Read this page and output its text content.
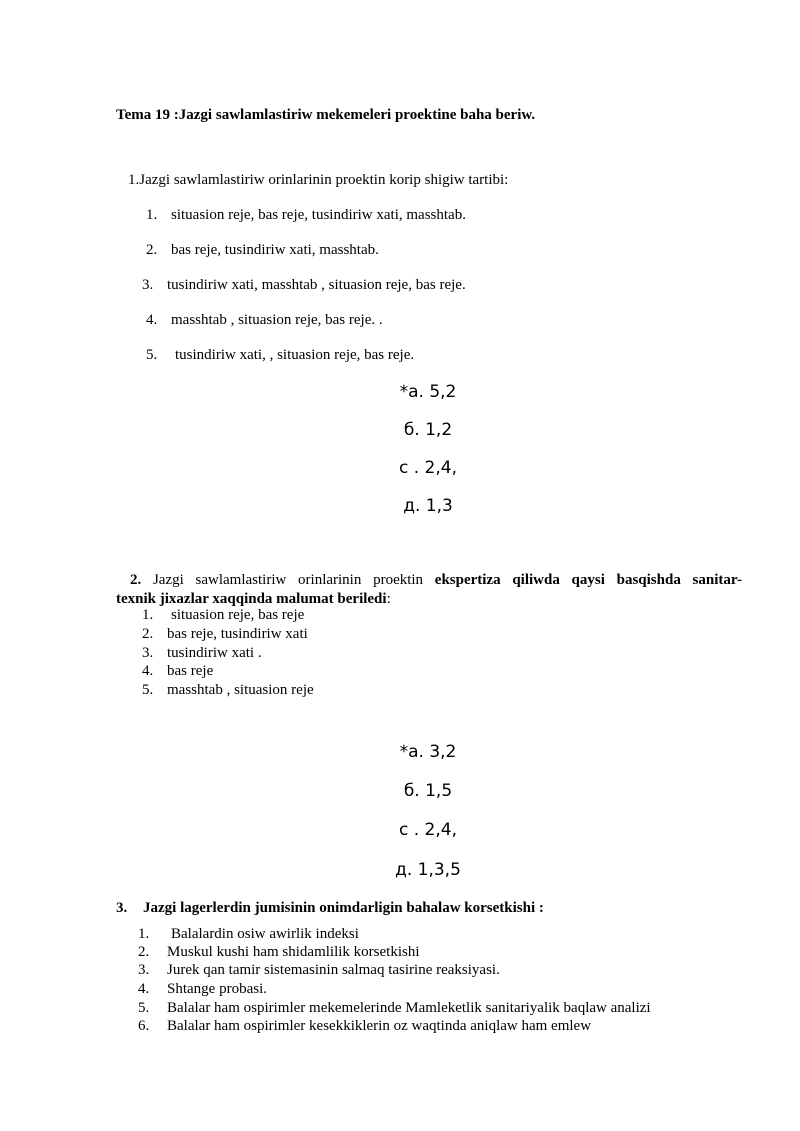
Tema 19 :Jazgi sawlamlastiriw mekemeleri proektine baha beriw.
1.Jazgi sawlamlastiriw orinlarinin proektin korip shigiw tartibi:
1. situasion reje, bas reje, tusindiriw xati, masshtab.
2. bas reje, tusindiriw xati, masshtab.
3. tusindiriw xati, masshtab , situasion reje, bas reje.
4. masshtab , situasion reje, bas reje. .
5. tusindiriw xati, , situasion reje, bas reje.
*а. 5,2
б. 1,2
с . 2,4,
д. 1,3
2. Jazgi sawlamlastiriw orinlarinin proektin ekspertiza qiliwda qaysi basqishda sanitar-
texnik jixazlar xaqqinda malumat beriledi:
1. situasion reje, bas reje
2. bas reje, tusindiriw xati
3. tusindiriw xati .
4. bas reje
5. masshtab , situasion reje
*а. 3,2
б. 1,5
с . 2,4,
д. 1,3,5
3. Jazgi lagerlerdin jumisinin onimdarligin bahalaw korsetkishi :
1. Balalardin osiw awirlik indeksi
2. Muskul kushi ham shidamlilik korsetkishi
3. Jurek qan tamir sistemasinin salmaq tasirine reaksiyasi.
4. Shtange probasi.
5. Balalar ham ospirimler mekemelerinde Mamleketlik sanitariyalik baqlaw analizi
6. Balalar ham ospirimler kesekkiklerin oz waqtinda aniqlaw ham emlew
